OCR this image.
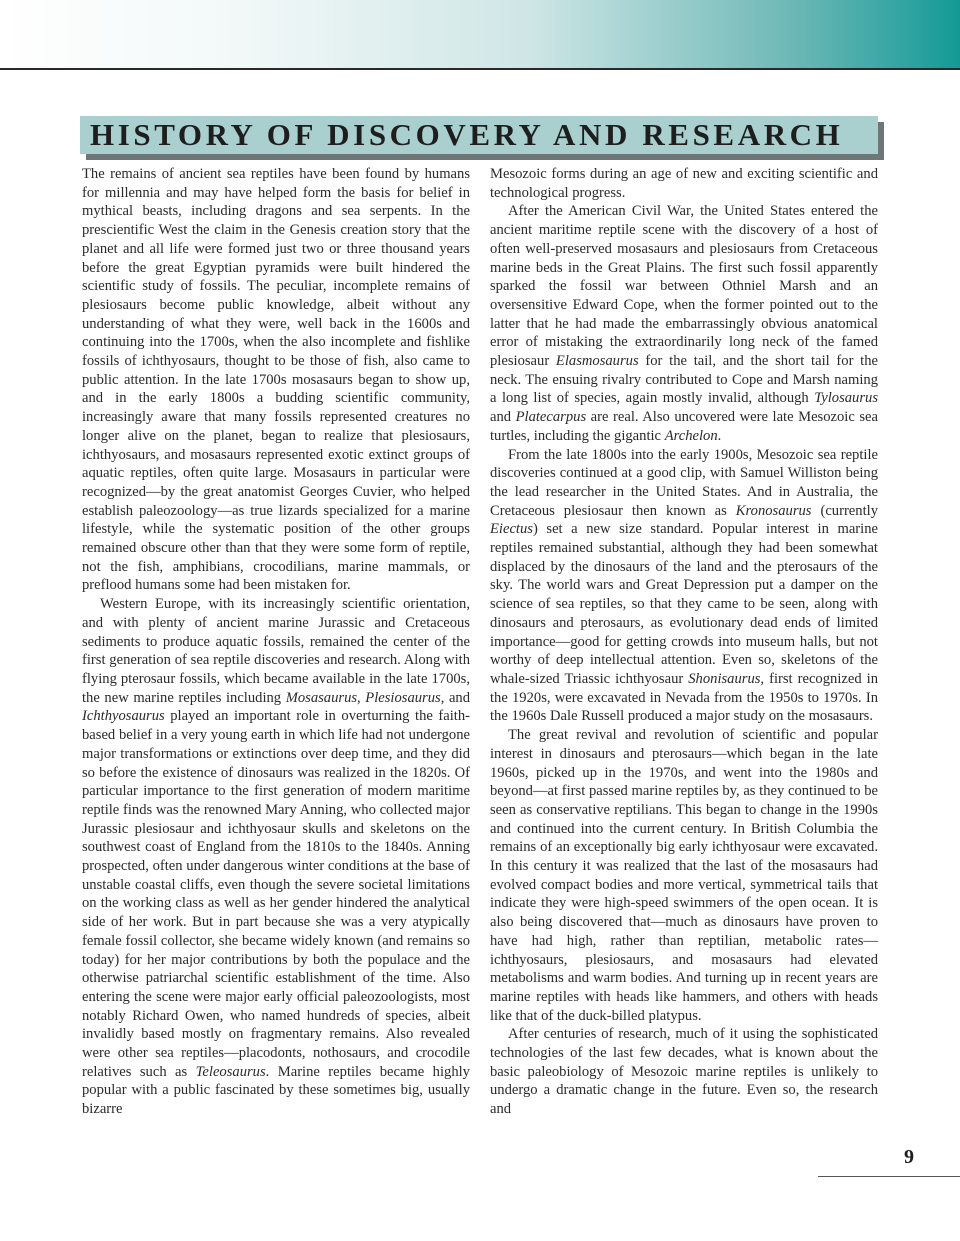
HISTORY OF DISCOVERY AND RESEARCH

The remains of ancient sea reptiles have been found by humans for millennia and may have helped form the basis for belief in mythical beasts, including dragons and sea serpents. In the prescientific West the claim in the Genesis creation story that the planet and all life were formed just two or three thousand years before the great Egyptian pyramids were built hindered the scientific study of fossils. The peculiar, incomplete remains of plesiosaurs become public knowledge, albeit without any understanding of what they were, well back in the 1600s and continuing into the 1700s, when the also incomplete and fishlike fossils of ichthyosaurs, thought to be those of fish, also came to public attention. In the late 1700s mosasaurs began to show up, and in the early 1800s a budding scientific community, increasingly aware that many fossils represented creatures no longer alive on the planet, began to realize that plesiosaurs, ichthyosaurs, and mosasaurs represented exotic extinct groups of aquatic reptiles, often quite large. Mosasaurs in particular were recognized—by the great anatomist Georges Cuvier, who helped establish paleozoology—as true lizards specialized for a marine lifestyle, while the systematic position of the other groups remained obscure other than that they were some form of reptile, not the fish, amphibians, crocodilians, marine mammals, or preflood humans some had been mistaken for.

Western Europe, with its increasingly scientific orientation, and with plenty of ancient marine Jurassic and Cretaceous sediments to produce aquatic fossils, remained the center of the first generation of sea reptile discoveries and research. Along with flying pterosaur fossils, which became available in the late 1700s, the new marine reptiles including Mosasaurus, Plesiosaurus, and Ichthyosaurus played an important role in overturning the faith-based belief in a very young earth in which life had not undergone major transformations or extinctions over deep time, and they did so before the existence of dinosaurs was realized in the 1820s. Of particular importance to the first generation of modern maritime reptile finds was the renowned Mary Anning, who collected major Jurassic plesiosaur and ichthyosaur skulls and skeletons on the southwest coast of England from the 1810s to the 1840s. Anning prospected, often under dangerous winter conditions at the base of unstable coastal cliffs, even though the severe societal limitations on the working class as well as her gender hindered the analytical side of her work. But in part because she was a very atypically female fossil collector, she became widely known (and remains so today) for her major contributions by both the populace and the otherwise patriarchal scientific establishment of the time. Also entering the scene were major early official paleozoologists, most notably Richard Owen, who named hundreds of species, albeit invalidly based mostly on fragmentary remains. Also revealed were other sea reptiles—placodonts, nothosaurs, and crocodile relatives such as Teleosaurus. Marine reptiles became highly popular with a public fascinated by these sometimes big, usually bizarre

Mesozoic forms during an age of new and exciting scientific and technological progress.

After the American Civil War, the United States entered the ancient maritime reptile scene with the discovery of a host of often well-preserved mosasaurs and plesiosaurs from Cretaceous marine beds in the Great Plains. The first such fossil apparently sparked the fossil war between Othniel Marsh and an oversensitive Edward Cope, when the former pointed out to the latter that he had made the embarrassingly obvious anatomical error of mistaking the extraordinarily long neck of the famed plesiosaur Elasmosaurus for the tail, and the short tail for the neck. The ensuing rivalry contributed to Cope and Marsh naming a long list of species, again mostly invalid, although Tylosaurus and Platecarpus are real. Also uncovered were late Mesozoic sea turtles, including the gigantic Archelon.

From the late 1800s into the early 1900s, Mesozoic sea reptile discoveries continued at a good clip, with Samuel Williston being the lead researcher in the United States. And in Australia, the Cretaceous plesiosaur then known as Kronosaurus (currently Eiectus) set a new size standard. Popular interest in marine reptiles remained substantial, although they had been somewhat displaced by the dinosaurs of the land and the pterosaurs of the sky. The world wars and Great Depression put a damper on the science of sea reptiles, so that they came to be seen, along with dinosaurs and pterosaurs, as evolutionary dead ends of limited importance—good for getting crowds into museum halls, but not worthy of deep intellectual attention. Even so, skeletons of the whale-sized Triassic ichthyosaur Shonisaurus, first recognized in the 1920s, were excavated in Nevada from the 1950s to 1970s. In the 1960s Dale Russell produced a major study on the mosasaurs.

The great revival and revolution of scientific and popular interest in dinosaurs and pterosaurs—which began in the late 1960s, picked up in the 1970s, and went into the 1980s and beyond—at first passed marine reptiles by, as they continued to be seen as conservative reptilians. This began to change in the 1990s and continued into the current century. In British Columbia the remains of an exceptionally big early ichthyosaur were excavated. In this century it was realized that the last of the mosasaurs had evolved compact bodies and more vertical, symmetrical tails that indicate they were high-speed swimmers of the open ocean. It is also being discovered that—much as dinosaurs have proven to have had high, rather than reptilian, metabolic rates—ichthyosaurs, plesiosaurs, and mosasaurs had elevated metabolisms and warm bodies. And turning up in recent years are marine reptiles with heads like hammers, and others with heads like that of the duck-billed platypus.

After centuries of research, much of it using the sophisticated technologies of the last few decades, what is known about the basic paleobiology of Mesozoic marine reptiles is unlikely to undergo a dramatic change in the future. Even so, the research and

9
